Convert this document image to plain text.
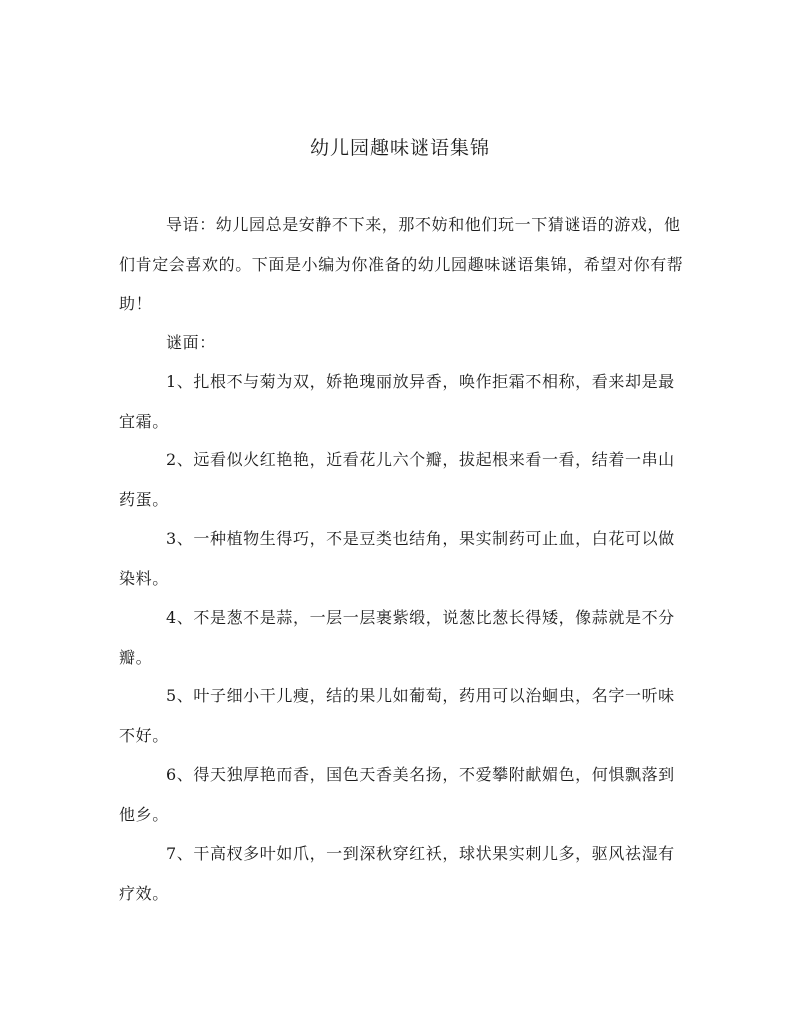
幼儿园趣味谜语集锦

导语：幼儿园总是安静不下来，那不妨和他们玩一下猜谜语的游戏，他们肯定会喜欢的。下面是小编为你准备的幼儿园趣味谜语集锦，希望对你有帮助！

谜面：

1、扎根不与菊为双，娇艳瑰丽放异香，唤作拒霜不相称，看来却是最宜霜。

2、远看似火红艳艳，近看花儿六个瓣，拔起根来看一看，结着一串山药蛋。

3、一种植物生得巧，不是豆类也结角，果实制药可止血，白花可以做染料。

4、不是葱不是蒜，一层一层裹紫缎，说葱比葱长得矮，像蒜就是不分瓣。

5、叶子细小干儿瘦，结的果儿如葡萄，药用可以治蛔虫，名字一听味不好。

6、得天独厚艳而香，国色天香美名扬，不爱攀附献媚色，何惧飘落到他乡。

7、干高杈多叶如爪，一到深秋穿红袄，球状果实刺儿多，驱风祛湿有疗效。
